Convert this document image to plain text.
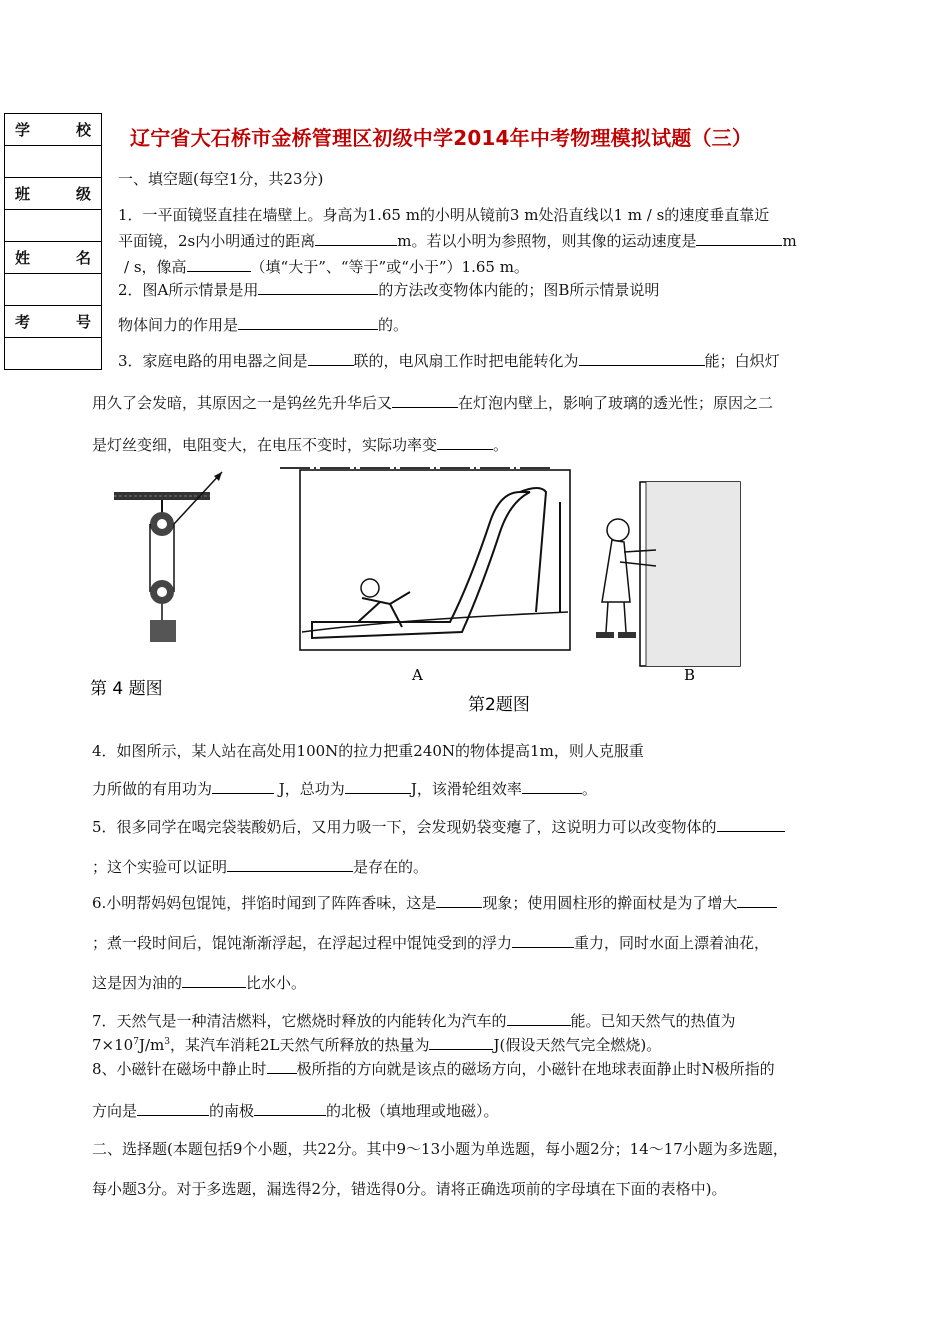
学 校

班 级

姓 名

考 号

辽宁省大石桥市金桥管理区初级中学2014年中考物理模拟试题（三）
一、填空题(每空1分，共23分)
1．一平面镜竖直挂在墙壁上。身高为1.65 m的小明从镜前3 m处沿直线以1 m / s的速度垂直靠近
平面镜，2s内小明通过的距离	m。若以小明为参照物，则其像的运动速度是	m
/ s，像高	（填“大于”、“等于”或“小于”）1.65 m。
2．图A所示情景是用	的方法改变物体内能的；图B所示情景说明
物体间力的作用是	的。
3．家庭电路的用电器之间是	联的，电风扇工作时把电能转化为	能；白炽灯
用久了会发暗，其原因之一是钨丝先升华后又	在灯泡内壁上，影响了玻璃的透光性；原因之二
是灯丝变细，电阻变大，在电压不变时，实际功率变	。
第 4 题图
A	B
第2题图
4．如图所示，某人站在高处用100N的拉力把重240N的物体提高1m，则人克服重
力所做的有用功为	J，总功为	J，该滑轮组效率	。
5．很多同学在喝完袋装酸奶后，又用力吸一下，会发现奶袋变瘪了，这说明力可以改变物体的
；这个实验可以证明	是存在的。
6.小明帮妈妈包馄饨，拌馅时闻到了阵阵香味，这是	现象；使用圆柱形的擀面杖是为了增大
；煮一段时间后，馄饨渐渐浮起，在浮起过程中馄饨受到的浮力	重力，同时水面上漂着油花，
这是因为油的	比水小。
7．天然气是一种清洁燃料，它燃烧时释放的内能转化为汽车的	能。已知天然气的热值为
$7\times 10^7J/m^3$，某汽车消耗2L天然气所释放的热量为	J(假设天然气完全燃烧)。
8、小磁针在磁场中静止时 极所指的方向就是该点的磁场方向，小磁针在地球表面静止时N极所指的
方向是	的南极	的北极（填地理或地磁）。
二、选择题(本题包括9个小题，共22分。其中9～13小题为单选题，每小题2分；14～17小题为多选题，
每小题3分。对于多选题，漏选得2分，错选得0分。请将正确选项前的字母填在下面的表格中)。
